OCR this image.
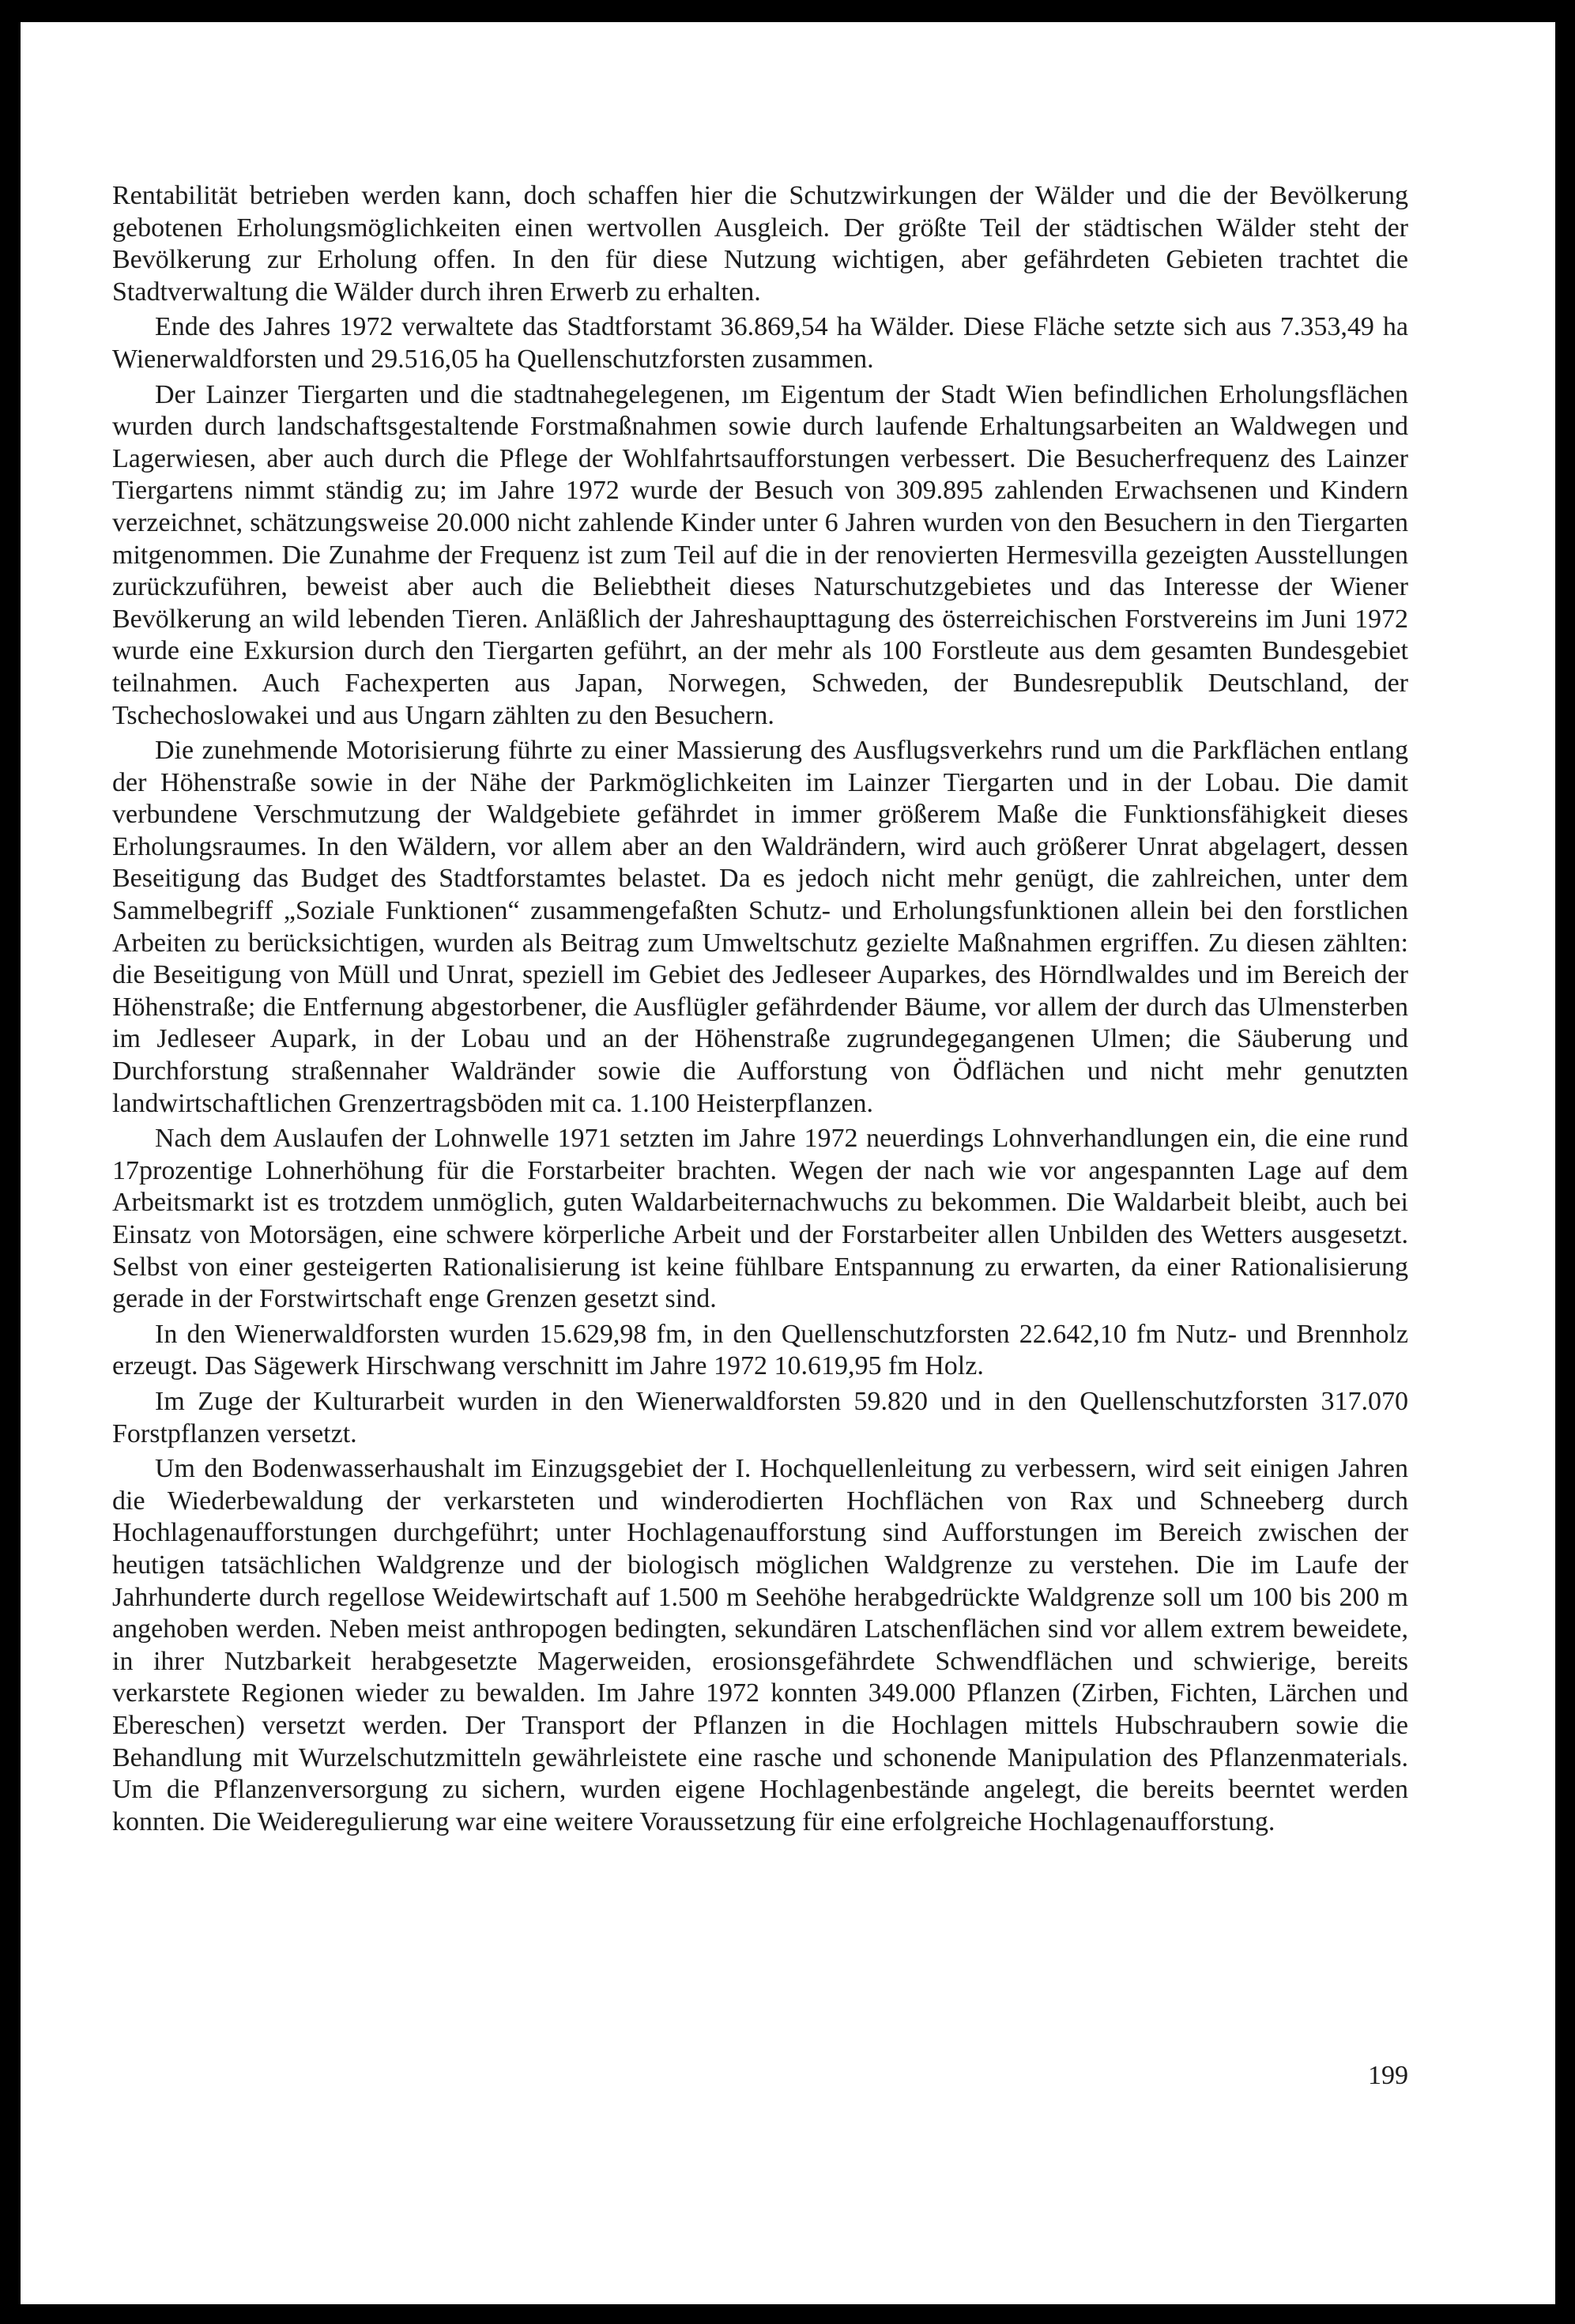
Rentabilität betrieben werden kann, doch schaffen hier die Schutzwirkungen der Wälder und die der Bevölkerung gebotenen Erholungsmöglichkeiten einen wertvollen Ausgleich. Der größte Teil der städtischen Wälder steht der Bevölkerung zur Erholung offen. In den für diese Nutzung wichtigen, aber gefährdeten Gebieten trachtet die Stadtverwaltung die Wälder durch ihren Erwerb zu erhalten.

Ende des Jahres 1972 verwaltete das Stadtforstamt 36.869,54 ha Wälder. Diese Fläche setzte sich aus 7.353,49 ha Wienerwaldforsten und 29.516,05 ha Quellenschutzforsten zusammen.

Der Lainzer Tiergarten und die stadtnahegelegenen, ım Eigentum der Stadt Wien befindlichen Erholungsflächen wurden durch landschaftsgestaltende Forstmaßnahmen sowie durch laufende Erhaltungsarbeiten an Waldwegen und Lagerwiesen, aber auch durch die Pflege der Wohlfahrtsaufforstungen verbessert. Die Besucherfrequenz des Lainzer Tiergartens nimmt ständig zu; im Jahre 1972 wurde der Besuch von 309.895 zahlenden Erwachsenen und Kindern verzeichnet, schätzungsweise 20.000 nicht zahlende Kinder unter 6 Jahren wurden von den Besuchern in den Tiergarten mitgenommen. Die Zunahme der Frequenz ist zum Teil auf die in der renovierten Hermesvilla gezeigten Ausstellungen zurückzuführen, beweist aber auch die Beliebtheit dieses Naturschutzgebietes und das Interesse der Wiener Bevölkerung an wild lebenden Tieren. Anläßlich der Jahreshaupttagung des österreichischen Forstvereins im Juni 1972 wurde eine Exkursion durch den Tiergarten geführt, an der mehr als 100 Forstleute aus dem gesamten Bundesgebiet teilnahmen. Auch Fachexperten aus Japan, Norwegen, Schweden, der Bundesrepublik Deutschland, der Tschechoslowakei und aus Ungarn zählten zu den Besuchern.

Die zunehmende Motorisierung führte zu einer Massierung des Ausflugsverkehrs rund um die Parkflächen entlang der Höhenstraße sowie in der Nähe der Parkmöglichkeiten im Lainzer Tiergarten und in der Lobau. Die damit verbundene Verschmutzung der Waldgebiete gefährdet in immer größerem Maße die Funktionsfähigkeit dieses Erholungsraumes. In den Wäldern, vor allem aber an den Waldrändern, wird auch größerer Unrat abgelagert, dessen Beseitigung das Budget des Stadtforstamtes belastet. Da es jedoch nicht mehr genügt, die zahlreichen, unter dem Sammelbegriff „Soziale Funktionen“ zusammengefaßten Schutz- und Erholungsfunktionen allein bei den forstlichen Arbeiten zu berücksichtigen, wurden als Beitrag zum Umweltschutz gezielte Maßnahmen ergriffen. Zu diesen zählten: die Beseitigung von Müll und Unrat, speziell im Gebiet des Jedleseer Auparkes, des Hörndlwaldes und im Bereich der Höhenstraße; die Entfernung abgestorbener, die Ausflügler gefährdender Bäume, vor allem der durch das Ulmensterben im Jedleseer Aupark, in der Lobau und an der Höhenstraße zugrundegegangenen Ulmen; die Säuberung und Durchforstung straßennaher Waldränder sowie die Aufforstung von Ödflächen und nicht mehr genutzten landwirtschaftlichen Grenzertragsböden mit ca. 1.100 Heisterpflanzen.

Nach dem Auslaufen der Lohnwelle 1971 setzten im Jahre 1972 neuerdings Lohnverhandlungen ein, die eine rund 17prozentige Lohnerhöhung für die Forstarbeiter brachten. Wegen der nach wie vor angespannten Lage auf dem Arbeitsmarkt ist es trotzdem unmöglich, guten Waldarbeiternachwuchs zu bekommen. Die Waldarbeit bleibt, auch bei Einsatz von Motorsägen, eine schwere körperliche Arbeit und der Forstarbeiter allen Unbilden des Wetters ausgesetzt. Selbst von einer gesteigerten Rationalisierung ist keine fühlbare Entspannung zu erwarten, da einer Rationalisierung gerade in der Forstwirtschaft enge Grenzen gesetzt sind.

In den Wienerwaldforsten wurden 15.629,98 fm, in den Quellenschutzforsten 22.642,10 fm Nutz- und Brennholz erzeugt. Das Sägewerk Hirschwang verschnitt im Jahre 1972 10.619,95 fm Holz.

Im Zuge der Kulturarbeit wurden in den Wienerwaldforsten 59.820 und in den Quellenschutzforsten 317.070 Forstpflanzen versetzt.

Um den Bodenwasserhaushalt im Einzugsgebiet der I. Hochquellenleitung zu verbessern, wird seit einigen Jahren die Wiederbewaldung der verkarsteten und winderodierten Hochflächen von Rax und Schneeberg durch Hochlagenaufforstungen durchgeführt; unter Hochlagenaufforstung sind Aufforstungen im Bereich zwischen der heutigen tatsächlichen Waldgrenze und der biologisch möglichen Waldgrenze zu verstehen. Die im Laufe der Jahrhunderte durch regellose Weidewirtschaft auf 1.500 m Seehöhe herabgedrückte Waldgrenze soll um 100 bis 200 m angehoben werden. Neben meist anthropogen bedingten, sekundären Latschenflächen sind vor allem extrem beweidete, in ihrer Nutzbarkeit herabgesetzte Magerweiden, erosionsgefährdete Schwendflächen und schwierige, bereits verkarstete Regionen wieder zu bewalden. Im Jahre 1972 konnten 349.000 Pflanzen (Zirben, Fichten, Lärchen und Ebereschen) versetzt werden. Der Transport der Pflanzen in die Hochlagen mittels Hubschraubern sowie die Behandlung mit Wurzelschutzmitteln gewährleistete eine rasche und schonende Manipulation des Pflanzenmaterials. Um die Pflanzenversorgung zu sichern, wurden eigene Hochlagenbestände angelegt, die bereits beerntet werden konnten. Die Weideregulierung war eine weitere Voraussetzung für eine erfolgreiche Hochlagenaufforstung.

199
